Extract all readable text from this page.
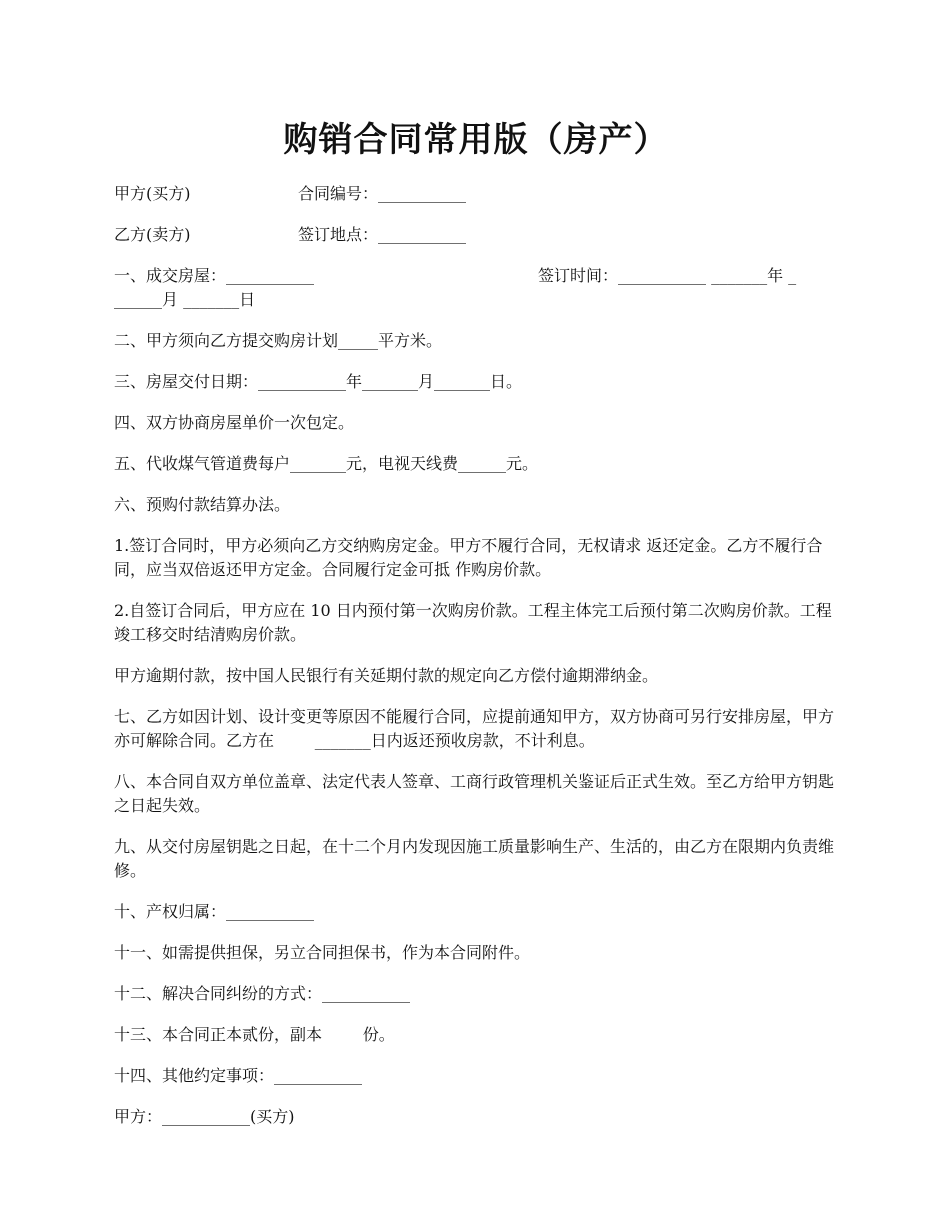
购销合同常用版（房产）
甲方(买方)	合同编号：___________
乙方(卖方)	签订地点：___________
一、成交房屋：___________	签订时间：___________ _______年 _
______月 _______日

二、甲方须向乙方提交购房计划_____平方米。

三、房屋交付日期：___________年_______月_______日。

四、双方协商房屋单价一次包定。

五、代收煤气管道费每户_______元，电视天线费______元。

六、预购付款结算办法。

1.签订合同时，甲方必须向乙方交纳购房定金。甲方不履行合同，无权请求 返还定金。乙方不履行合同，应当双倍返还甲方定金。合同履行定金可抵 作购房价款。

2.自签订合同后，甲方应在 10 日内预付第一次购房价款。工程主体完工后预付第二次购房价款。工程竣工移交时结清购房价款。

甲方逾期付款，按中国人民银行有关延期付款的规定向乙方偿付逾期滞纳金。

七、乙方如因计划、设计变更等原因不能履行合同，应提前通知甲方，双方协商可另行安排房屋，甲方亦可解除合同。乙方在        _______日内返还预收房款，不计利息。

八、本合同自双方单位盖章、法定代表人签章、工商行政管理机关鉴证后正式生效。至乙方给甲方钥匙之日起失效。

九、从交付房屋钥匙之日起，在十二个月内发现因施工质量影响生产、生活的，由乙方在限期内负责维修。

十、产权归属：___________

十一、如需提供担保，另立合同担保书，作为本合同附件。

十二、解决合同纠纷的方式：___________

十三、本合同正本贰份，副本        份。

十四、其他约定事项：___________

甲方：___________(买方)
